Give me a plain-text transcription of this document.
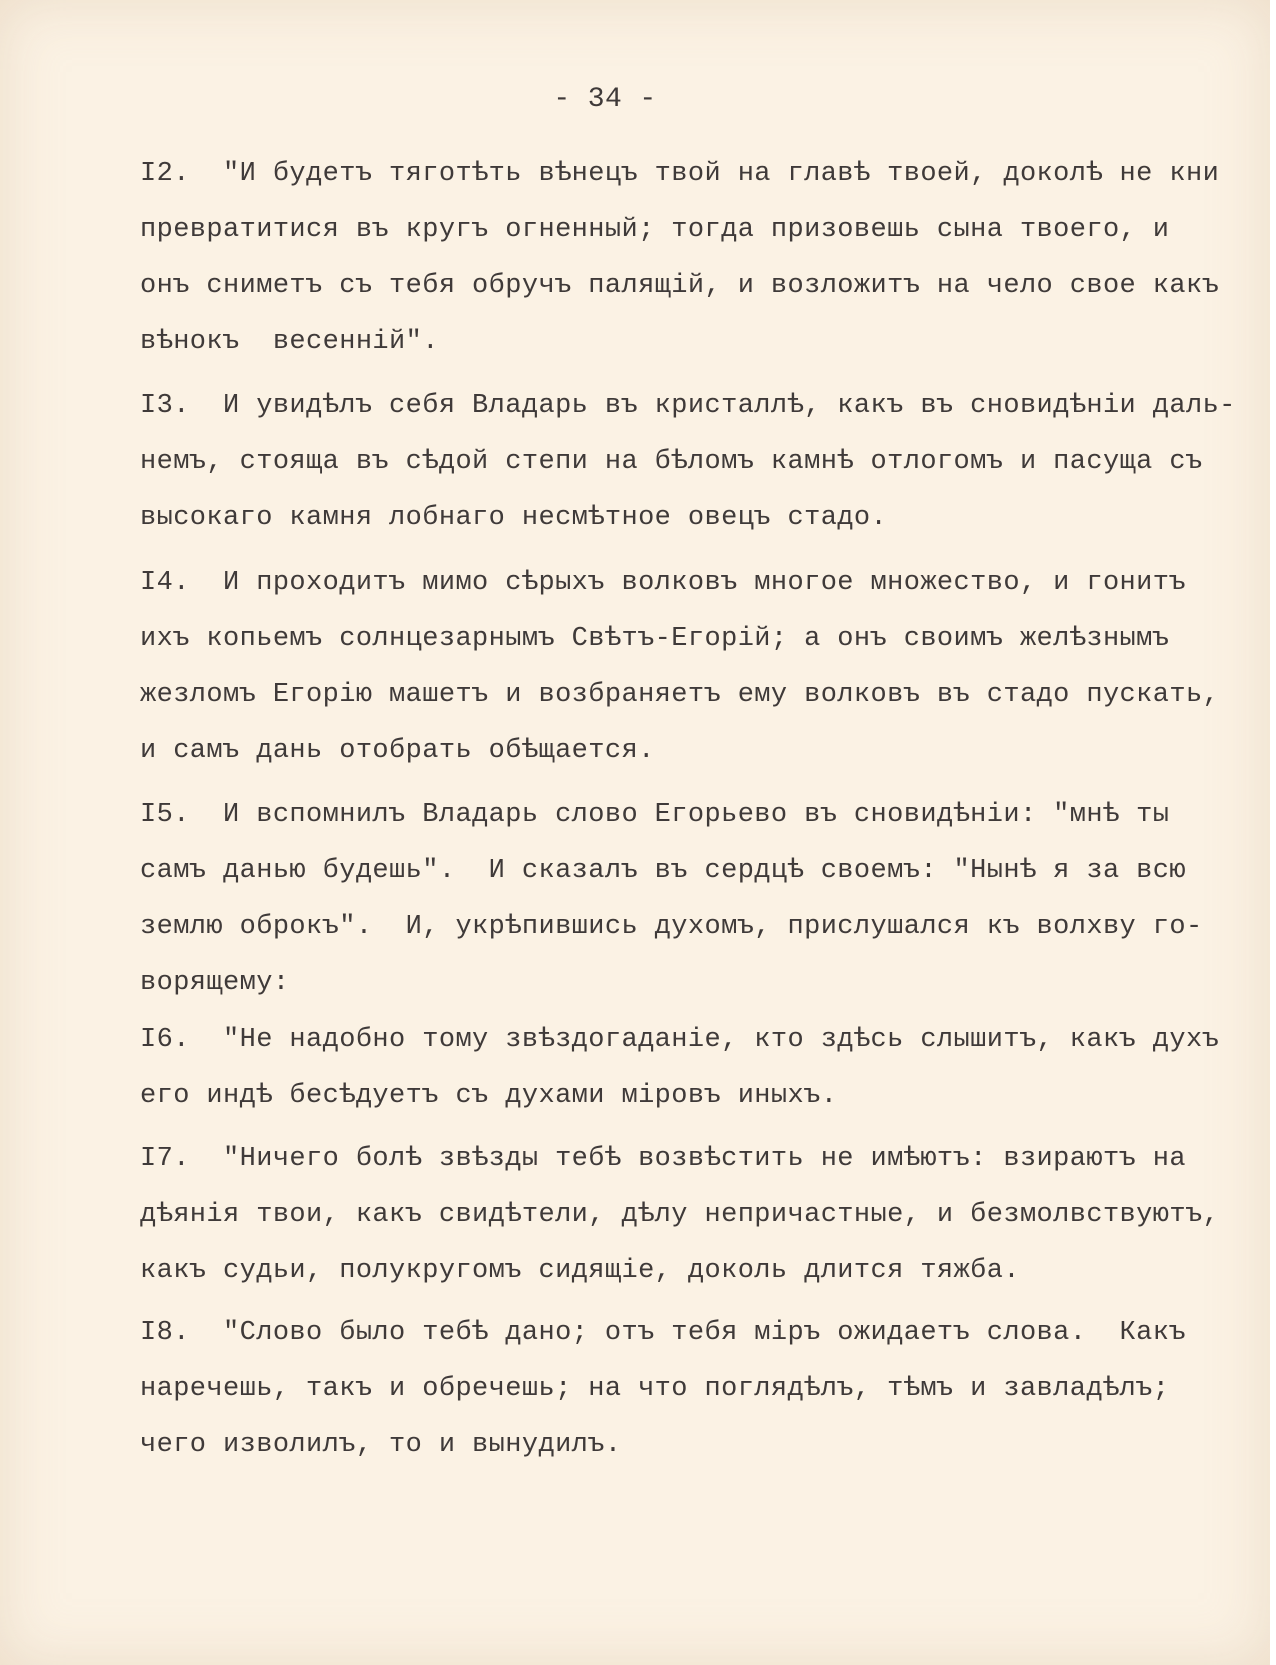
- 34 -
I2.  "И будетъ тяготѣть вѣнецъ твой на главѣ твоей, доколѣ не кни
превратитися въ кругъ огненный; тогда призовешь сына твоего, и
онъ сниметъ съ тебя обручъ палящій, и возложитъ на чело свое какъ
вѣнокъ  весенній".
I3.  И увидѣлъ себя Владарь въ кристаллѣ, какъ въ сновидѣніи даль-
немъ, стояща въ сѣдой степи на бѣломъ камнѣ отлогомъ и пасуща съ
высокаго камня лобнаго несмѣтное овецъ стадо.
I4.  И проходитъ мимо сѣрыхъ волковъ многое множество, и гонитъ
ихъ копьемъ солнцезарнымъ Свѣтъ-Егорій; а онъ своимъ желѣзнымъ
жезломъ Егорію машетъ и возбраняетъ ему волковъ въ стадо пускать,
и самъ дань отобрать обѣщается.
I5.  И вспомнилъ Владарь слово Егорьево въ сновидѣніи: "мнѣ ты
самъ данью будешь".  И сказалъ въ сердцѣ своемъ: "Нынѣ я за всю
землю оброкъ".  И, укрѣпившись духомъ, прислушался къ волхву го-
ворящему:
I6.  "Не надобно тому звѣздогаданіе, кто здѣсь слышитъ, какъ духъ
его индѣ бесѣдуетъ съ духами міровъ иныхъ.
I7.  "Ничего болѣ звѣзды тебѣ возвѣстить не имѣютъ: взираютъ на
дѣянія твои, какъ свидѣтели, дѣлу непричастные, и безмолвствуютъ,
какъ судьи, полукругомъ сидящіе, доколь длится тяжба.
I8.  "Слово было тебѣ дано; отъ тебя міръ ожидаетъ слова.  Какъ
наречешь, такъ и обречешь; на что поглядѣлъ, тѣмъ и завладѣлъ;
чего изволилъ, то и вынудилъ.
